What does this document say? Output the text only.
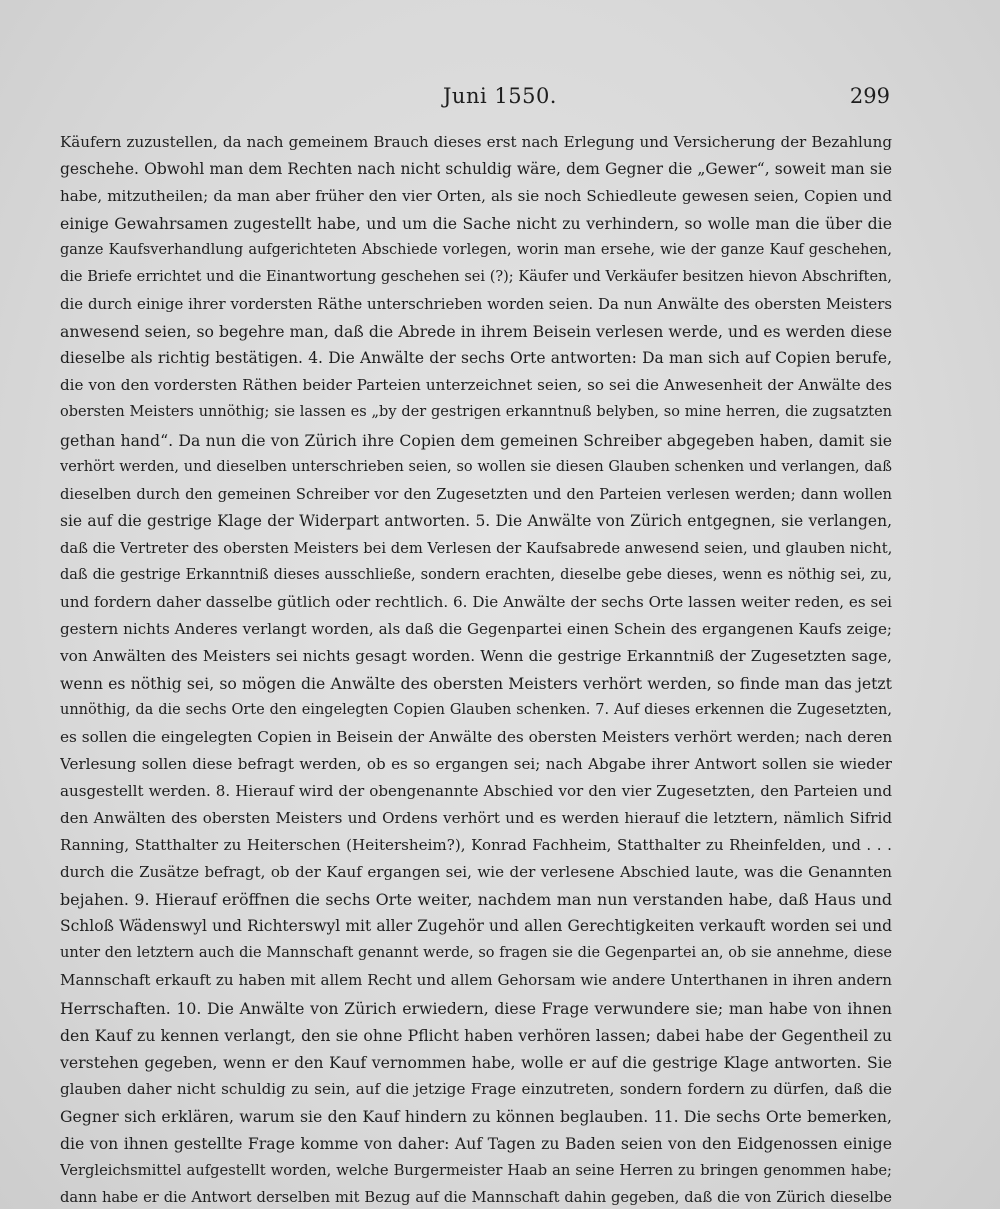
Juni 1550.	299
Käufern zuzustellen, da nach gemeinem Brauch dieses erst nach Erlegung und Versicherung der Bezahlung
geschehe. Obwohl man dem Rechten nach nicht schuldig wäre, dem Gegner die „Gewer“, soweit man sie
habe, mitzutheilen; da man aber früher den vier Orten, als sie noch Schiedleute gewesen seien, Copien und
einige Gewahrsamen zugestellt habe, und um die Sache nicht zu verhindern, so wolle man die über die
ganze Kaufsverhandlung aufgerichteten Abschiede vorlegen, worin man ersehe, wie der ganze Kauf geschehen,
die Briefe errichtet und die Einantwortung geschehen sei (?); Käufer und Verkäufer besitzen hievon Abschriften,
die durch einige ihrer vordersten Räthe unterschrieben worden seien. Da nun Anwälte des obersten Meisters
anwesend seien, so begehre man, daß die Abrede in ihrem Beisein verlesen werde, und es werden diese
dieselbe als richtig bestätigen. 4. Die Anwälte der sechs Orte antworten: Da man sich auf Copien berufe,
die von den vordersten Räthen beider Parteien unterzeichnet seien, so sei die Anwesenheit der Anwälte des
obersten Meisters unnöthig; sie lassen es „by der gestrigen erkanntnuß belyben, so mine herren, die zugsatzten
gethan hand“. Da nun die von Zürich ihre Copien dem gemeinen Schreiber abgegeben haben, damit sie
verhört werden, und dieselben unterschrieben seien, so wollen sie diesen Glauben schenken und verlangen, daß
dieselben durch den gemeinen Schreiber vor den Zugesetzten und den Parteien verlesen werden; dann wollen
sie auf die gestrige Klage der Widerpart antworten. 5. Die Anwälte von Zürich entgegnen, sie verlangen,
daß die Vertreter des obersten Meisters bei dem Verlesen der Kaufsabrede anwesend seien, und glauben nicht,
daß die gestrige Erkanntniß dieses ausschließe, sondern erachten, dieselbe gebe dieses, wenn es nöthig sei, zu,
und fordern daher dasselbe gütlich oder rechtlich. 6. Die Anwälte der sechs Orte lassen weiter reden, es sei
gestern nichts Anderes verlangt worden, als daß die Gegenpartei einen Schein des ergangenen Kaufs zeige;
von Anwälten des Meisters sei nichts gesagt worden. Wenn die gestrige Erkanntniß der Zugesetzten sage,
wenn es nöthig sei, so mögen die Anwälte des obersten Meisters verhört werden, so finde man das jetzt
unnöthig, da die sechs Orte den eingelegten Copien Glauben schenken. 7. Auf dieses erkennen die Zugesetzten,
es sollen die eingelegten Copien in Beisein der Anwälte des obersten Meisters verhört werden; nach deren
Verlesung sollen diese befragt werden, ob es so ergangen sei; nach Abgabe ihrer Antwort sollen sie wieder
ausgestellt werden. 8. Hierauf wird der obengenannte Abschied vor den vier Zugesetzten, den Parteien und
den Anwälten des obersten Meisters und Ordens verhört und es werden hierauf die letztern, nämlich Sifrid
Ranning, Statthalter zu Heiterschen (Heitersheim?), Konrad Fachheim, Statthalter zu Rheinfelden, und . . .
durch die Zusätze befragt, ob der Kauf ergangen sei, wie der verlesene Abschied laute, was die Genannten
bejahen. 9. Hierauf eröffnen die sechs Orte weiter, nachdem man nun verstanden habe, daß Haus und
Schloß Wädenswyl und Richterswyl mit aller Zugehör und allen Gerechtigkeiten verkauft worden sei und
unter den letztern auch die Mannschaft genannt werde, so fragen sie die Gegenpartei an, ob sie annehme, diese
Mannschaft erkauft zu haben mit allem Recht und allem Gehorsam wie andere Unterthanen in ihren andern
Herrschaften. 10. Die Anwälte von Zürich erwiedern, diese Frage verwundere sie; man habe von ihnen
den Kauf zu kennen verlangt, den sie ohne Pflicht haben verhören lassen; dabei habe der Gegentheil zu
verstehen gegeben, wenn er den Kauf vernommen habe, wolle er auf die gestrige Klage antworten. Sie
glauben daher nicht schuldig zu sein, auf die jetzige Frage einzutreten, sondern fordern zu dürfen, daß die
Gegner sich erklären, warum sie den Kauf hindern zu können beglauben. 11. Die sechs Orte bemerken,
die von ihnen gestellte Frage komme von daher: Auf Tagen zu Baden seien von den Eidgenossen einige
Vergleichsmittel aufgestellt worden, welche Burgermeister Haab an seine Herren zu bringen genommen habe;
dann habe er die Antwort derselben mit Bezug auf die Mannschaft dahin gegeben, daß die von Zürich dieselbe
